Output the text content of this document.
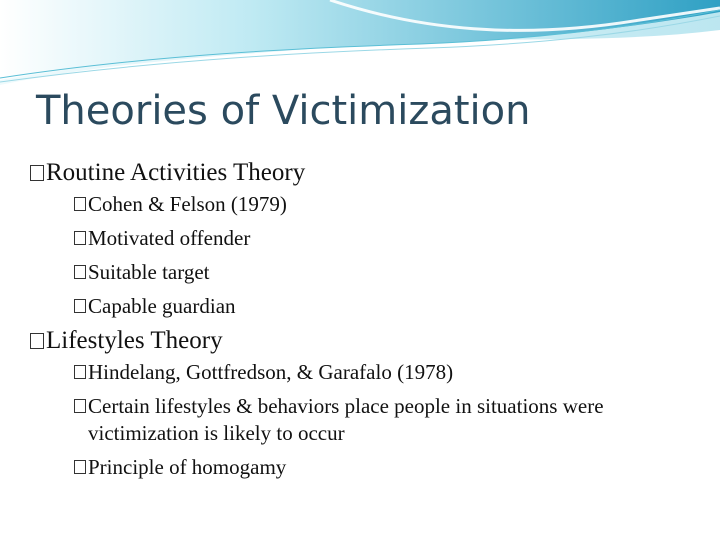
Theories of Victimization
Routine Activities Theory
Cohen & Felson (1979)
Motivated offender
Suitable target
Capable guardian
Lifestyles Theory
Hindelang, Gottfredson, & Garafalo (1978)
Certain lifestyles & behaviors place people in situations were victimization is likely to occur
Principle of homogamy
